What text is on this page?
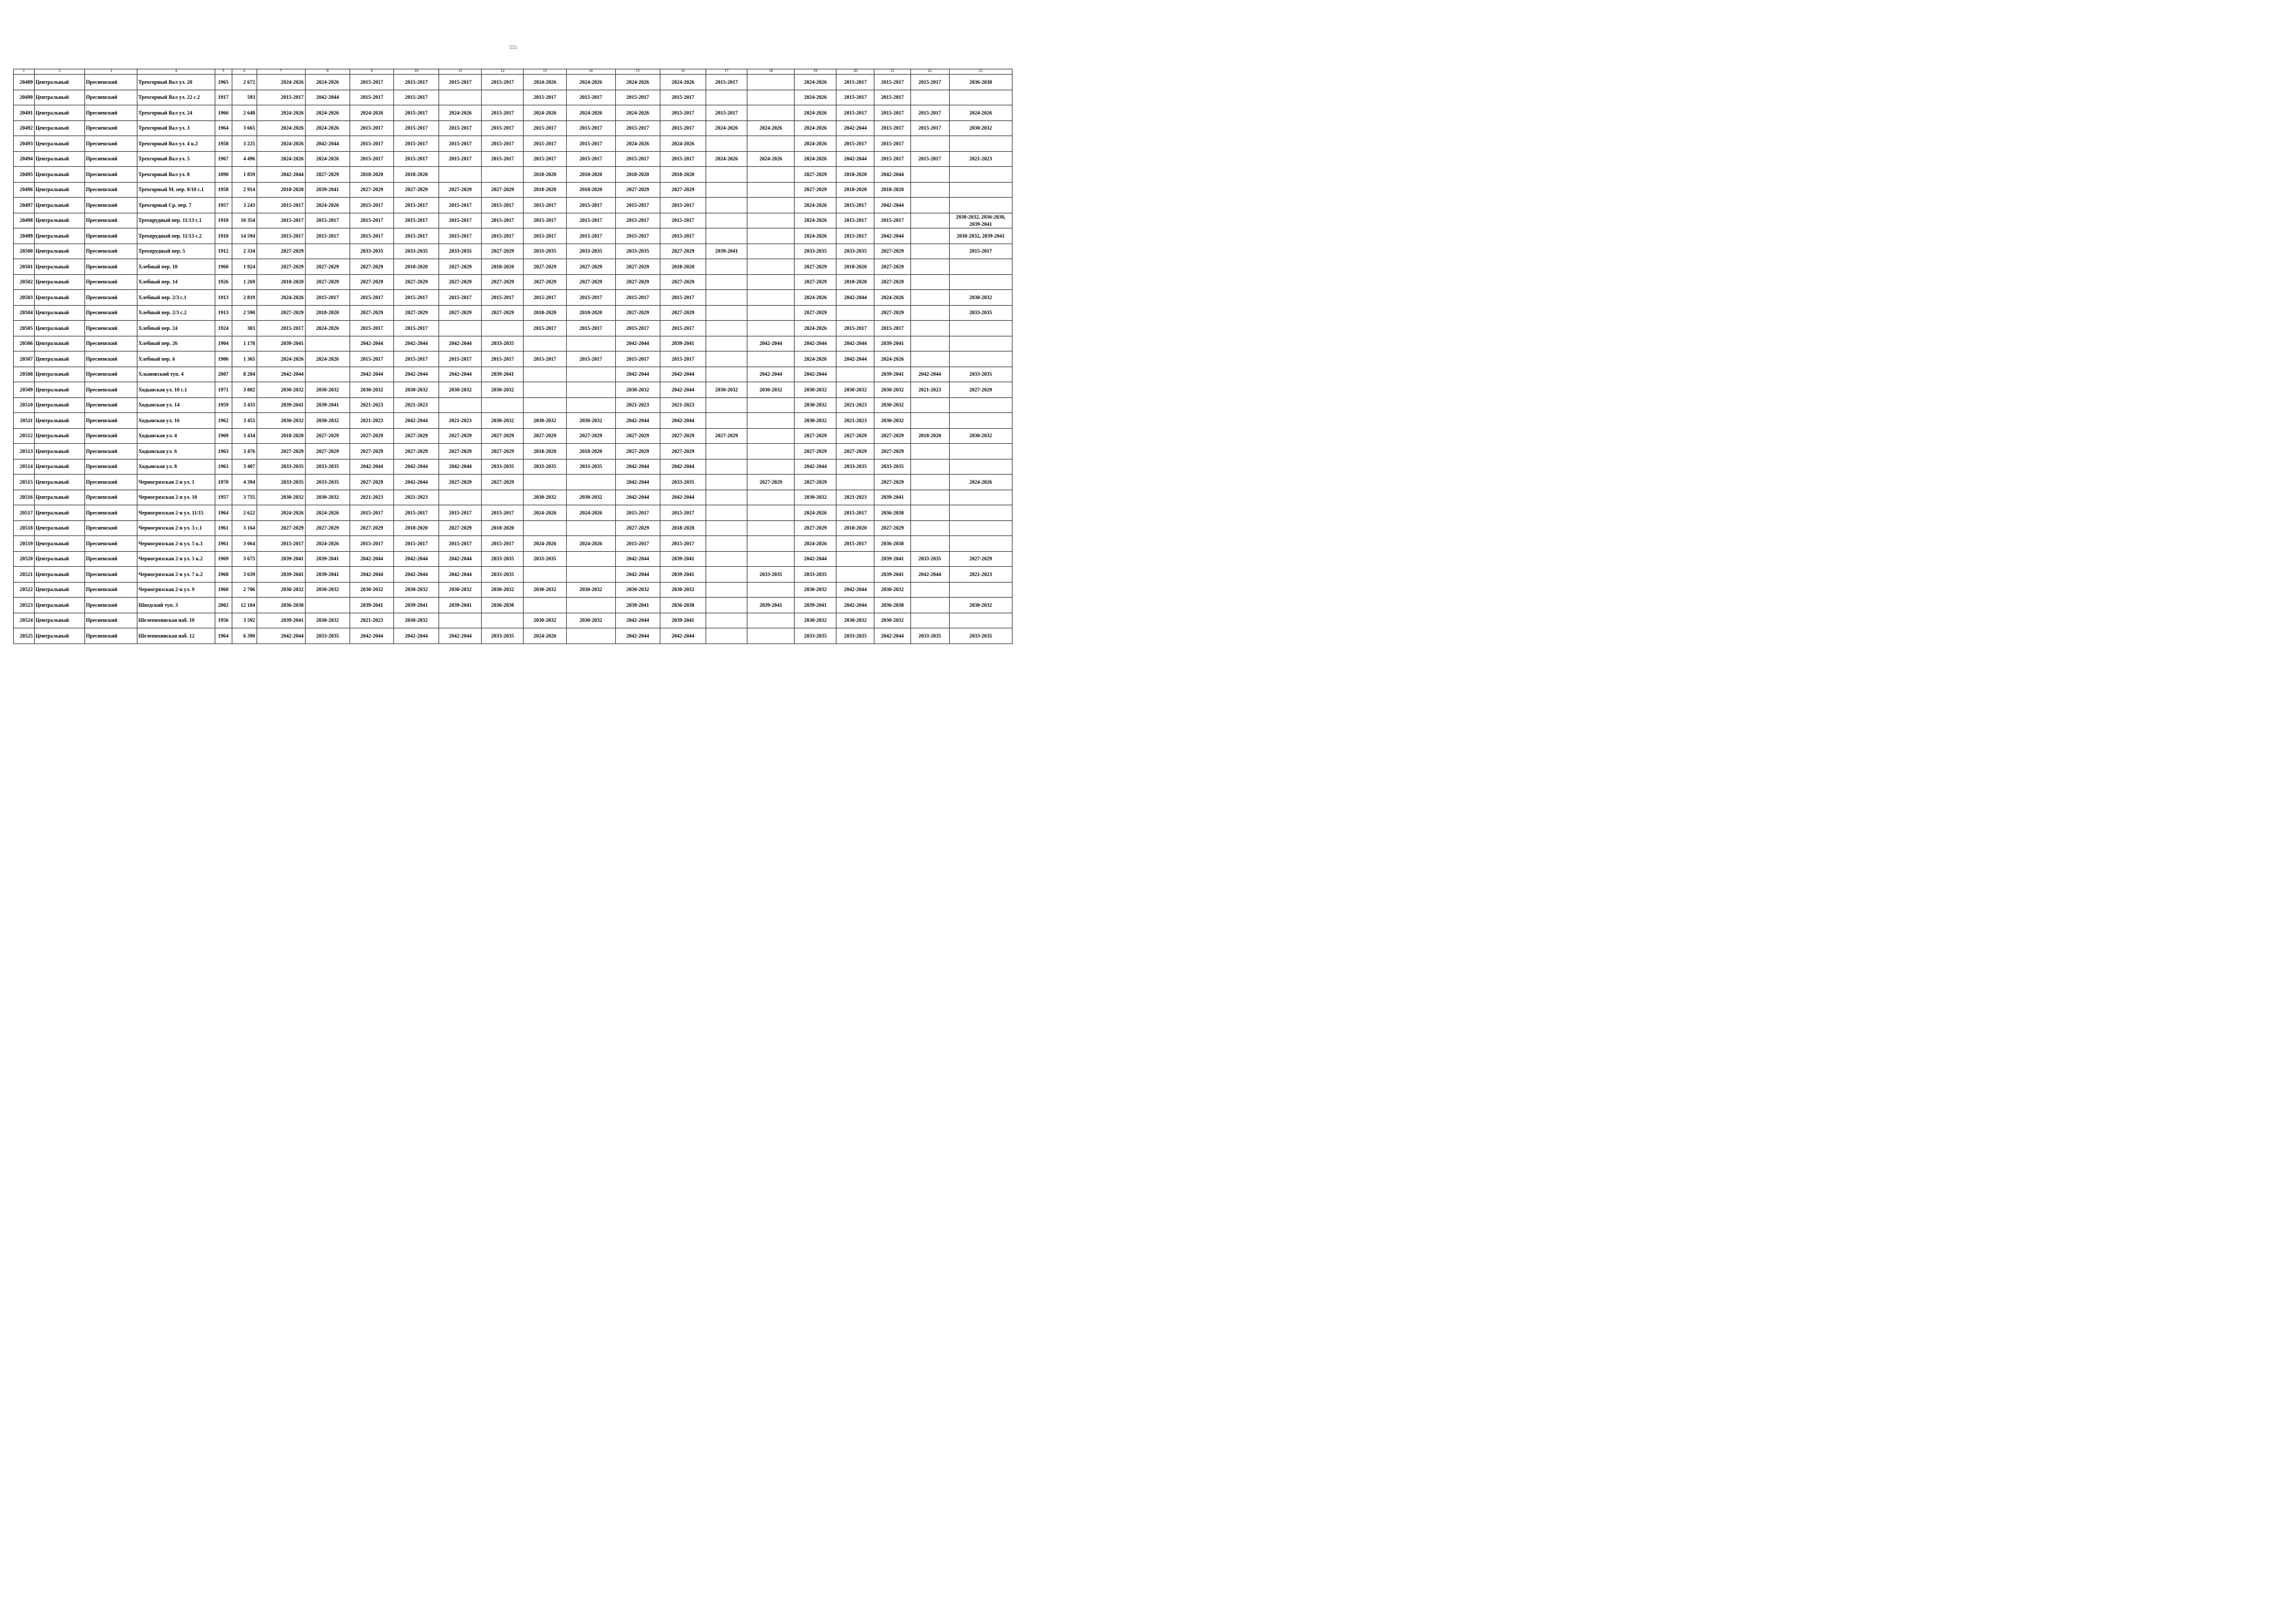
555
1	2	3	4	5	6	7	8	9	10	11	12	13	14	15	16	17	18	19	20	21	22	23
20489	Центральный	Пресненский	Трехгорный Вал ул. 20	1965	2 672	2024-2026	2024-2026	2015-2017	2015-2017	2015-2017	2015-2017	2024-2026	2024-2026	2024-2026	2024-2026	2015-2017		2024-2026	2015-2017	2015-2017	2015-2017	2036-2038
20490	Центральный	Пресненский	Трехгорный Вал ул. 22 с.2	1917	593	2015-2017	2042-2044	2015-2017	2015-2017			2015-2017	2015-2017	2015-2017	2015-2017			2024-2026	2015-2017	2015-2017		
20491	Центральный	Пресненский	Трехгорный Вал ул. 24	1966	2 648	2024-2026	2024-2026	2024-2026	2015-2017	2024-2026	2015-2017	2024-2026	2024-2026	2024-2026	2015-2017	2015-2017		2024-2026	2015-2017	2015-2017	2015-2017	2024-2026
20492	Центральный	Пресненский	Трехгорный Вал ул. 3	1964	3 665	2024-2026	2024-2026	2015-2017	2015-2017	2015-2017	2015-2017	2015-2017	2015-2017	2015-2017	2015-2017	2024-2026	2024-2026	2024-2026	2042-2044	2015-2017	2015-2017	2030-2032
20493	Центральный	Пресненский	Трехгорный Вал ул. 4 к.2	1958	3 225	2024-2026	2042-2044	2015-2017	2015-2017	2015-2017	2015-2017	2015-2017	2015-2017	2024-2026	2024-2026			2024-2026	2015-2017	2015-2017		
20494	Центральный	Пресненский	Трехгорный Вал ул. 5	1967	4 496	2024-2026	2024-2026	2015-2017	2015-2017	2015-2017	2015-2017	2015-2017	2015-2017	2015-2017	2015-2017	2024-2026	2024-2026	2024-2026	2042-2044	2015-2017	2015-2017	2021-2023
20495	Центральный	Пресненский	Трехгорный Вал ул. 8	1890	1 859	2042-2044	2027-2029	2018-2020	2018-2020			2018-2020	2018-2020	2018-2020	2018-2020			2027-2029	2018-2020	2042-2044		
20496	Центральный	Пресненский	Трехгорный М. пер. 8/10 с.1	1958	2 914	2018-2020	2039-2041	2027-2029	2027-2029	2027-2029	2027-2029	2018-2020	2018-2020	2027-2029	2027-2029			2027-2029	2018-2020	2018-2020		
20497	Центральный	Пресненский	Трехгорный Ср. пер. 7	1957	3 243	2015-2017	2024-2026	2015-2017	2015-2017	2015-2017	2015-2017	2015-2017	2015-2017	2015-2017	2015-2017			2024-2026	2015-2017	2042-2044		
20498	Центральный	Пресненский	Трехпрудный пер. 11/13 с.1	1910	10 354	2015-2017	2015-2017	2015-2017	2015-2017	2015-2017	2015-2017	2015-2017	2015-2017	2015-2017	2015-2017			2024-2026	2015-2017	2015-2017		2030-2032, 2036-2038, 2039-2041
20499	Центральный	Пресненский	Трехпрудный пер. 11/13 с.2	1910	14 594	2015-2017	2015-2017	2015-2017	2015-2017	2015-2017	2015-2017	2015-2017	2015-2017	2015-2017	2015-2017			2024-2026	2015-2017	2042-2044		2030-2032, 2039-2041
20500	Центральный	Пресненский	Трехпрудный пер. 5	1912	2 334	2027-2029		2033-2035	2033-2035	2033-2035	2027-2029	2033-2035	2033-2035	2033-2035	2027-2029	2039-2041		2033-2035	2033-2035	2027-2029		2015-2017
20501	Центральный	Пресненский	Хлебный пер. 10	1960	1 924	2027-2029	2027-2029	2027-2029	2018-2020	2027-2029	2018-2020	2027-2029	2027-2029	2027-2029	2018-2020			2027-2029	2018-2020	2027-2029		
20502	Центральный	Пресненский	Хлебный пер. 14	1926	1 269	2018-2020	2027-2029	2027-2029	2027-2029	2027-2029	2027-2029	2027-2029	2027-2029	2027-2029	2027-2029			2027-2029	2018-2020	2027-2029		
20503	Центральный	Пресненский	Хлебный пер. 2/3 с.1	1913	2 819	2024-2026	2015-2017	2015-2017	2015-2017	2015-2017	2015-2017	2015-2017	2015-2017	2015-2017	2015-2017			2024-2026	2042-2044	2024-2026		2030-2032
20504	Центральный	Пресненский	Хлебный пер. 2/3 с.2	1913	2 590	2027-2029	2018-2020	2027-2029	2027-2029	2027-2029	2027-2029	2018-2020	2018-2020	2027-2029	2027-2029			2027-2029		2027-2029		2033-2035
20505	Центральный	Пресненский	Хлебный пер. 24	1924	383	2015-2017	2024-2026	2015-2017	2015-2017			2015-2017	2015-2017	2015-2017	2015-2017			2024-2026	2015-2017	2015-2017		
20506	Центральный	Пресненский	Хлебный пер. 26	1904	1 178	2039-2041		2042-2044	2042-2044	2042-2044	2033-2035			2042-2044	2039-2041		2042-2044	2042-2044	2042-2044	2039-2041		
20507	Центральный	Пресненский	Хлебный пер. 6	1906	1 365	2024-2026	2024-2026	2015-2017	2015-2017	2015-2017	2015-2017	2015-2017	2015-2017	2015-2017	2015-2017			2024-2026	2042-2044	2024-2026		
20508	Центральный	Пресненский	Хлыновский туп. 4	2007	8 284	2042-2044		2042-2044	2042-2044	2042-2044	2039-2041			2042-2044	2042-2044		2042-2044	2042-2044		2039-2041	2042-2044	2033-2035
20509	Центральный	Пресненский	Ходынская ул. 10 с.1	1971	3 802	2030-2032	2030-2032	2030-2032	2030-2032	2030-2032	2030-2032			2030-2032	2042-2044	2030-2032	2030-2032	2030-2032	2030-2032	2030-2032	2021-2023	2027-2029
20510	Центральный	Пресненский	Ходынская ул. 14	1959	3 433	2039-2041	2039-2041	2021-2023	2021-2023					2021-2023	2021-2023			2030-2032	2021-2023	2030-2032		
20511	Центральный	Пресненский	Ходынская ул. 16	1962	3 455	2030-2032	2030-2032	2021-2023	2042-2044	2021-2023	2030-2032	2030-2032	2030-2032	2042-2044	2042-2044			2030-2032	2021-2023	2030-2032		
20512	Центральный	Пресненский	Ходынская ул. 4	1969	3 434	2018-2020	2027-2029	2027-2029	2027-2029	2027-2029	2027-2029	2027-2029	2027-2029	2027-2029	2027-2029	2027-2029		2027-2029	2027-2029	2027-2029	2018-2020	2030-2032
20513	Центральный	Пресненский	Ходынская ул. 6	1963	3 476	2027-2029	2027-2029	2027-2029	2027-2029	2027-2029	2027-2029	2018-2020	2018-2020	2027-2029	2027-2029			2027-2029	2027-2029	2027-2029		
20514	Центральный	Пресненский	Ходынская ул. 8	1963	3 407	2033-2035	2033-2035	2042-2044	2042-2044	2042-2044	2033-2035	2033-2035	2033-2035	2042-2044	2042-2044			2042-2044	2033-2035	2033-2035		
20515	Центральный	Пресненский	Черногрязская 2-я ул. 1	1970	4 394	2033-2035	2033-2035	2027-2029	2042-2044	2027-2029	2027-2029			2042-2044	2033-2035		2027-2029	2027-2029		2027-2029		2024-2026
20516	Центральный	Пресненский	Черногрязская 2-я ул. 10	1957	3 755	2030-2032	2030-2032	2021-2023	2021-2023			2030-2032	2030-2032	2042-2044	2042-2044			2030-2032	2021-2023	2039-2041		
20517	Центральный	Пресненский	Черногрязская 2-я ул. 11/15	1964	2 622	2024-2026	2024-2026	2015-2017	2015-2017	2015-2017	2015-2017	2024-2026	2024-2026	2015-2017	2015-2017			2024-2026	2015-2017	2036-2038		
20518	Центральный	Пресненский	Черногрязская 2-я ул. 3 с.1	1961	3 164	2027-2029	2027-2029	2027-2029	2018-2020	2027-2029	2018-2020			2027-2029	2018-2020			2027-2029	2018-2020	2027-2029		
20519	Центральный	Пресненский	Черногрязская 2-я ул. 5 к.1	1961	3 064	2015-2017	2024-2026	2015-2017	2015-2017	2015-2017	2015-2017	2024-2026	2024-2026	2015-2017	2015-2017			2024-2026	2015-2017	2036-2038		
20520	Центральный	Пресненский	Черногрязская 2-я ул. 5 к.2	1969	3 675	2039-2041	2039-2041	2042-2044	2042-2044	2042-2044	2033-2035	2033-2035		2042-2044	2039-2041			2042-2044		2039-2041	2033-2035	2027-2029
20521	Центральный	Пресненский	Черногрязская 2-я ул. 7 к.2	1968	3 639	2039-2041	2039-2041	2042-2044	2042-2044	2042-2044	2033-2035			2042-2044	2039-2041		2033-2035	2033-2035		2039-2041	2042-2044	2021-2023
20522	Центральный	Пресненский	Черногрязская 2-я ул. 9	1960	2 706	2030-2032	2030-2032	2030-2032	2030-2032	2030-2032	2030-2032	2030-2032	2030-2032	2030-2032	2030-2032			2030-2032	2042-2044	2030-2032		
20523	Центральный	Пресненский	Шведский туп. 3	2002	12 104	2036-2038		2039-2041	2039-2041	2039-2041	2036-2038			2039-2041	2036-2038		2039-2041	2039-2041	2042-2044	2036-2038		2030-2032
20524	Центральный	Пресненский	Шелепихинская наб. 10	1956	3 592	2039-2041	2030-2032	2021-2023	2030-2032			2030-2032	2030-2032	2042-2044	2039-2041			2030-2032	2030-2032	2030-2032		
20525	Центральный	Пресненский	Шелепихинская наб. 12	1964	6 390	2042-2044	2033-2035	2042-2044	2042-2044	2042-2044	2033-2035	2024-2026		2042-2044	2042-2044			2033-2035	2033-2035	2042-2044	2033-2035	2033-2035
